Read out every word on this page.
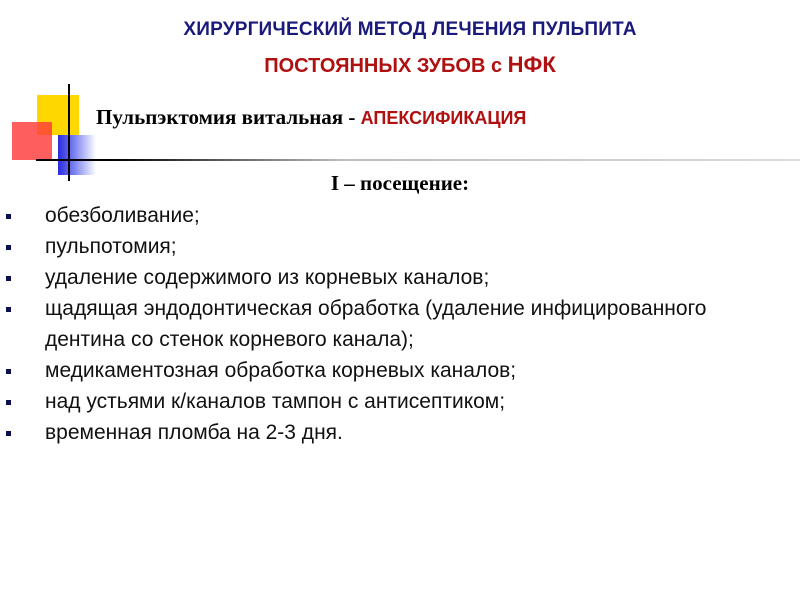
ХИРУРГИЧЕСКИЙ МЕТОД ЛЕЧЕНИЯ ПУЛЬПИТА
ПОСТОЯННЫХ ЗУБОВ с НФК
Пульпэктомия витальная - АПЕКСИФИКАЦИЯ
I – посещение:
обезболивание;
пульпотомия;
удаление содержимого из корневых каналов;
щадящая эндодонтическая обработка (удаление инфицированного дентина со стенок корневого канала);
медикаментозная обработка корневых каналов;
над устьями к/каналов тампон с антисептиком;
временная пломба на 2-3 дня.
